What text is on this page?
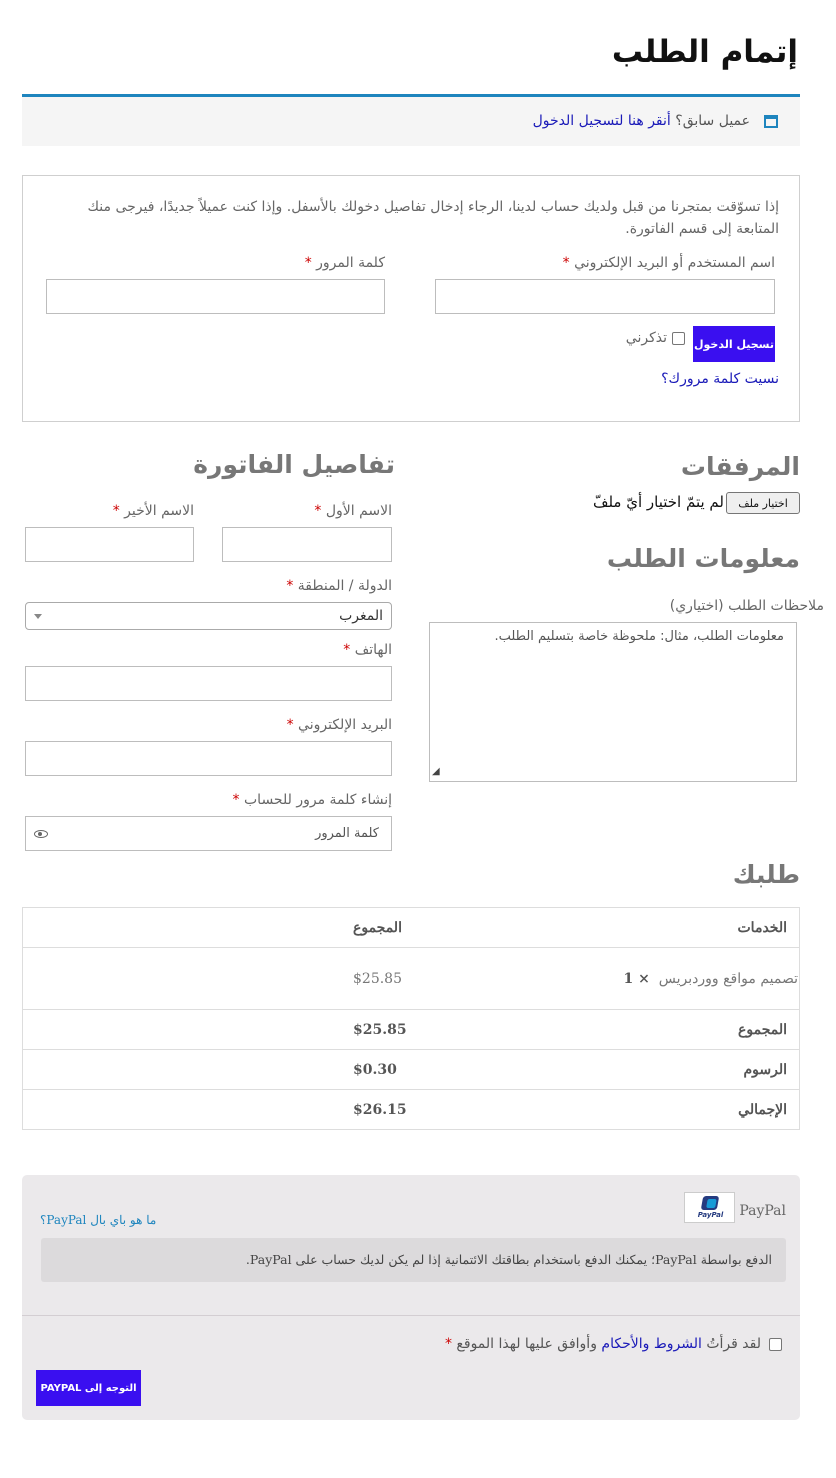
إتمام الطلب
عميل سابق؟ أنقر هنا لتسجيل الدخول

إذا تسوّقت بمتجرنا من قبل ولديك حساب لدينا، الرجاء إدخال تفاصيل دخولك بالأسفل. وإذا كنت عميلاً جديدًا، فيرجى منك المتابعة إلى قسم الفاتورة.

اسم المستخدم أو البريد الإلكتروني *
كلمة المرور *
تسجيل الدخول
تذكرني
نسيت كلمة مرورك؟
المرفقات
اختيار ملف
لم يتمّ اختيار أيّ ملفّ
معلومات الطلب
ملاحظات الطلب (اختياري)
معلومات الطلب، مثال: ملحوظة خاصة بتسليم الطلب.
◢
تفاصيل الفاتورة
الاسم الأول *
الاسم الأخير *
الدولة / المنطقة *
المغرب
الهاتف *
البريد الإلكتروني *
إنشاء كلمة مرور للحساب *
كلمة المرور
طلبك
الخدمات
المجموع
تصميم مواقع ووردبريس  × 1
$25.85
المجموع
$25.85
الرسوم
$0.30
الإجمالي
$26.15
PayPal
PayPal
ما هو باي بال PayPal؟
الدفع بواسطة PayPal؛ يمكنك الدفع باستخدام بطاقتك الائتمانية إذا لم يكن لديك حساب على PayPal.
لقد قرأتُ الشروط والأحكام وأوافق عليها لهذا الموقع *
التوجه إلى PAYPAL
